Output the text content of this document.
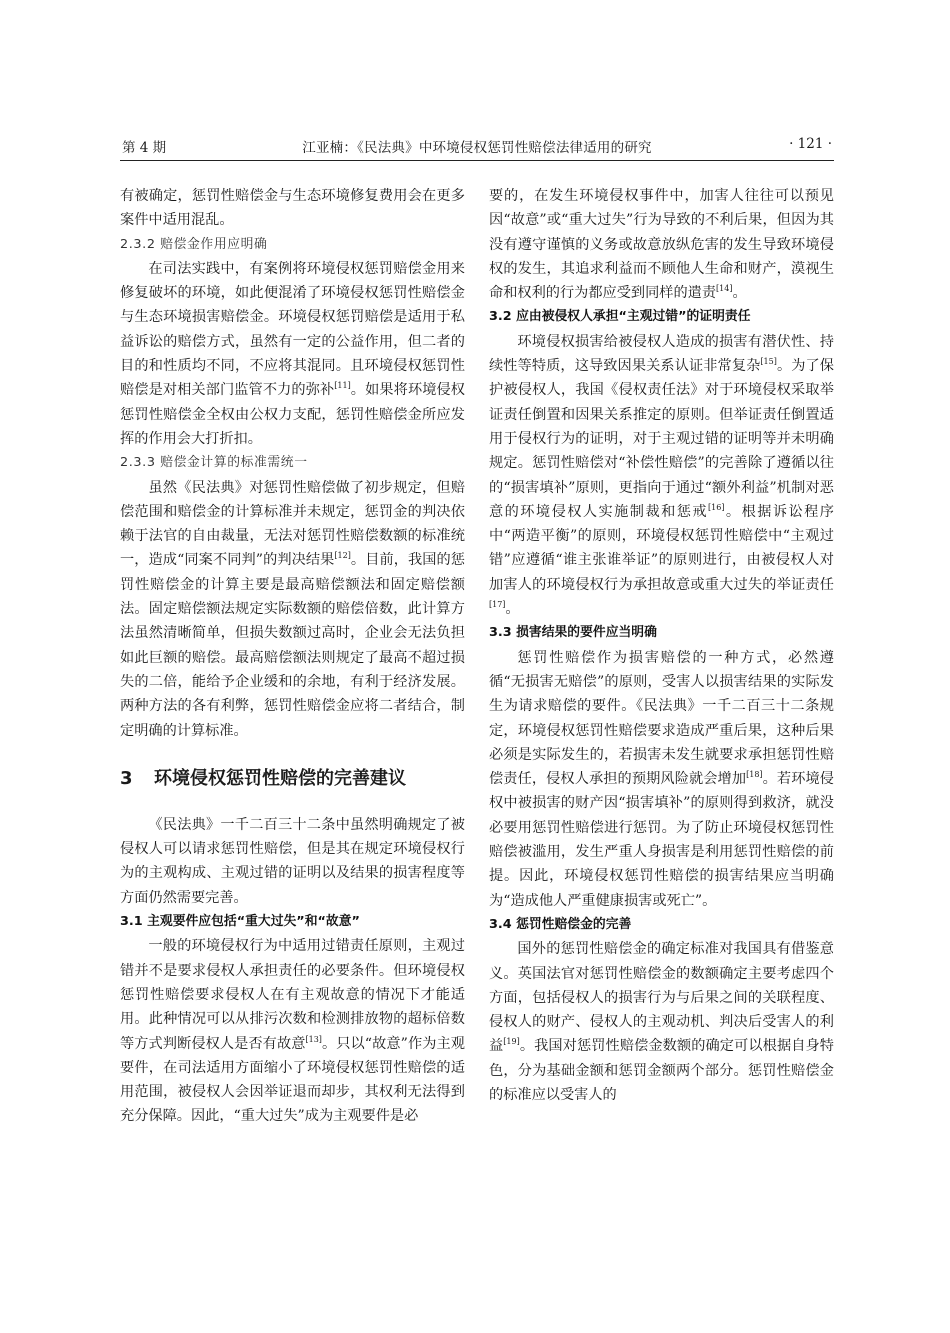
第 4 期	江亚楠：《民法典》中环境侵权惩罚性赔偿法律适用的研究	· 121 ·

有被确定，惩罚性赔偿金与生态环境修复费用会在更多案件中适用混乱。

2.3.2 赔偿金作用应明确

在司法实践中，有案例将环境侵权惩罚赔偿金用来修复破坏的环境，如此便混淆了环境侵权惩罚性赔偿金与生态环境损害赔偿金。环境侵权惩罚赔偿是适用于私益诉讼的赔偿方式，虽然有一定的公益作用，但二者的目的和性质均不同，不应将其混同。且环境侵权惩罚性赔偿是对相关部门监管不力的弥补[11]。如果将环境侵权惩罚性赔偿金全权由公权力支配，惩罚性赔偿金所应发挥的作用会大打折扣。

2.3.3 赔偿金计算的标准需统一

虽然《民法典》对惩罚性赔偿做了初步规定，但赔偿范围和赔偿金的计算标准并未规定，惩罚金的判决依赖于法官的自由裁量，无法对惩罚性赔偿数额的标准统一，造成“同案不同判”的判决结果[12]。目前，我国的惩罚性赔偿金的计算主要是最高赔偿额法和固定赔偿额法。固定赔偿额法规定实际数额的赔偿倍数，此计算方法虽然清晰简单，但损失数额过高时，企业会无法负担如此巨额的赔偿。最高赔偿额法则规定了最高不超过损失的二倍，能给予企业缓和的余地，有利于经济发展。两种方法的各有利弊，惩罚性赔偿金应将二者结合，制定明确的计算标准。

3 环境侵权惩罚性赔偿的完善建议

《民法典》一千二百三十二条中虽然明确规定了被侵权人可以请求惩罚性赔偿，但是其在规定环境侵权行为的主观构成、主观过错的证明以及结果的损害程度等方面仍然需要完善。

3.1 主观要件应包括“重大过失”和“故意”

一般的环境侵权行为中适用过错责任原则，主观过错并不是要求侵权人承担责任的必要条件。但环境侵权惩罚性赔偿要求侵权人在有主观故意的情况下才能适用。此种情况可以从排污次数和检测排放物的超标倍数等方式判断侵权人是否有故意[13]。只以“故意”作为主观要件，在司法适用方面缩小了环境侵权惩罚性赔偿的适用范围，被侵权人会因举证退而却步，其权利无法得到充分保障。因此，“重大过失”成为主观要件是必

要的，在发生环境侵权事件中，加害人往往可以预见因“故意”或“重大过失”行为导致的不利后果，但因为其没有遵守谨慎的义务或故意放纵危害的发生导致环境侵权的发生，其追求利益而不顾他人生命和财产，漠视生命和权利的行为都应受到同样的遣责[14]。

3.2 应由被侵权人承担“主观过错”的证明责任

环境侵权损害给被侵权人造成的损害有潜伏性、持续性等特质，这导致因果关系认证非常复杂[15]。为了保护被侵权人，我国《侵权责任法》对于环境侵权采取举证责任倒置和因果关系推定的原则。但举证责任倒置适用于侵权行为的证明，对于主观过错的证明等并未明确规定。惩罚性赔偿对“补偿性赔偿”的完善除了遵循以往的“损害填补”原则，更指向于通过“额外利益”机制对恶意的环境侵权人实施制裁和惩戒[16]。根据诉讼程序中“两造平衡”的原则，环境侵权惩罚性赔偿中“主观过错”应遵循“谁主张谁举证”的原则进行，由被侵权人对加害人的环境侵权行为承担故意或重大过失的举证责任[17]。

3.3 损害结果的要件应当明确

惩罚性赔偿作为损害赔偿的一种方式，必然遵循“无损害无赔偿”的原则，受害人以损害结果的实际发生为请求赔偿的要件。《民法典》一千二百三十二条规定，环境侵权惩罚性赔偿要求造成严重后果，这种后果必须是实际发生的，若损害未发生就要求承担惩罚性赔偿责任，侵权人承担的预期风险就会增加[18]。若环境侵权中被损害的财产因“损害填补”的原则得到救济，就没必要用惩罚性赔偿进行惩罚。为了防止环境侵权惩罚性赔偿被滥用，发生严重人身损害是利用惩罚性赔偿的前提。因此，环境侵权惩罚性赔偿的损害结果应当明确为“造成他人严重健康损害或死亡”。

3.4 惩罚性赔偿金的完善

国外的惩罚性赔偿金的确定标准对我国具有借鉴意义。英国法官对惩罚性赔偿金的数额确定主要考虑四个方面，包括侵权人的损害行为与后果之间的关联程度、侵权人的财产、侵权人的主观动机、判决后受害人的利益[19]。我国对惩罚性赔偿金数额的确定可以根据自身特色，分为基础金额和惩罚金额两个部分。惩罚性赔偿金的标准应以受害人的
